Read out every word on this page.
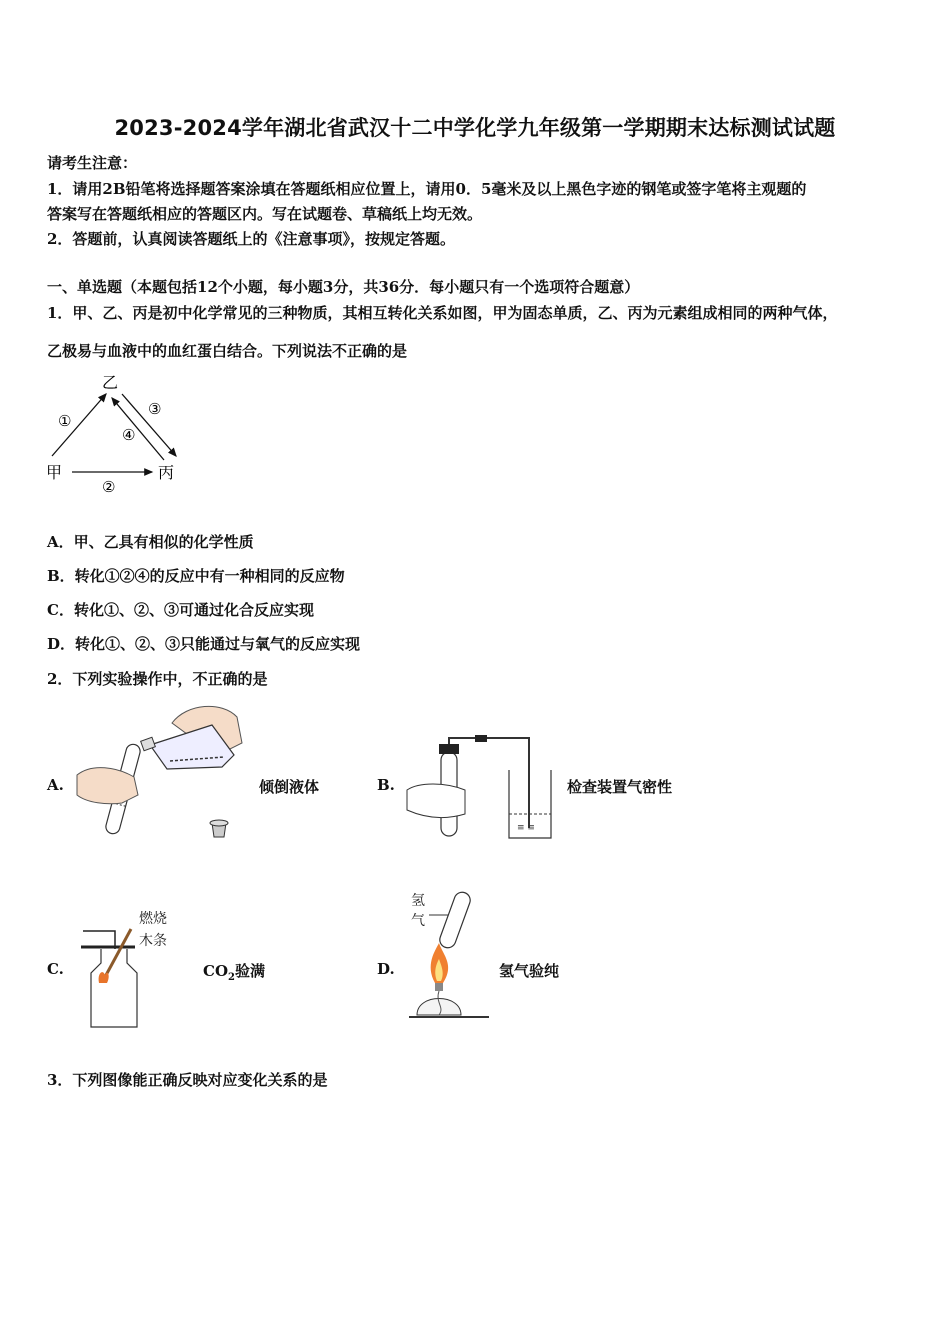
2023-2024学年湖北省武汉十二中学化学九年级第一学期期末达标测试试题
请考生注意：
1．请用2B铅笔将选择题答案涂填在答题纸相应位置上，请用0．5毫米及以上黑色字迹的钢笔或签字笔将主观题的
答案写在答题纸相应的答题区内。写在试题卷、草稿纸上均无效。
2．答题前，认真阅读答题纸上的《注意事项》，按规定答题。
一、单选题（本题包括12个小题，每小题3分，共36分．每小题只有一个选项符合题意）
1．甲、乙、丙是初中化学常见的三种物质，其相互转化关系如图，甲为固态单质，乙、丙为元素组成相同的两种气体，
乙极易与血液中的血红蛋白结合。下列说法不正确的是
乙
甲	丙
①
②
③
④
A．甲、乙具有相似的化学性质
B．转化①②④的反应中有一种相同的反应物
C．转化①、②、③可通过化合反应实现
D．转化①、②、③只能通过与氧气的反应实现
2．下列实验操作中，不正确的是
A.	倾倒液体	B.
≡ ≡
检查装置气密性
C.
燃烧
木条
$CO_2$验满	D.
氢
气
氢气验纯
3．下列图像能正确反映对应变化关系的是
